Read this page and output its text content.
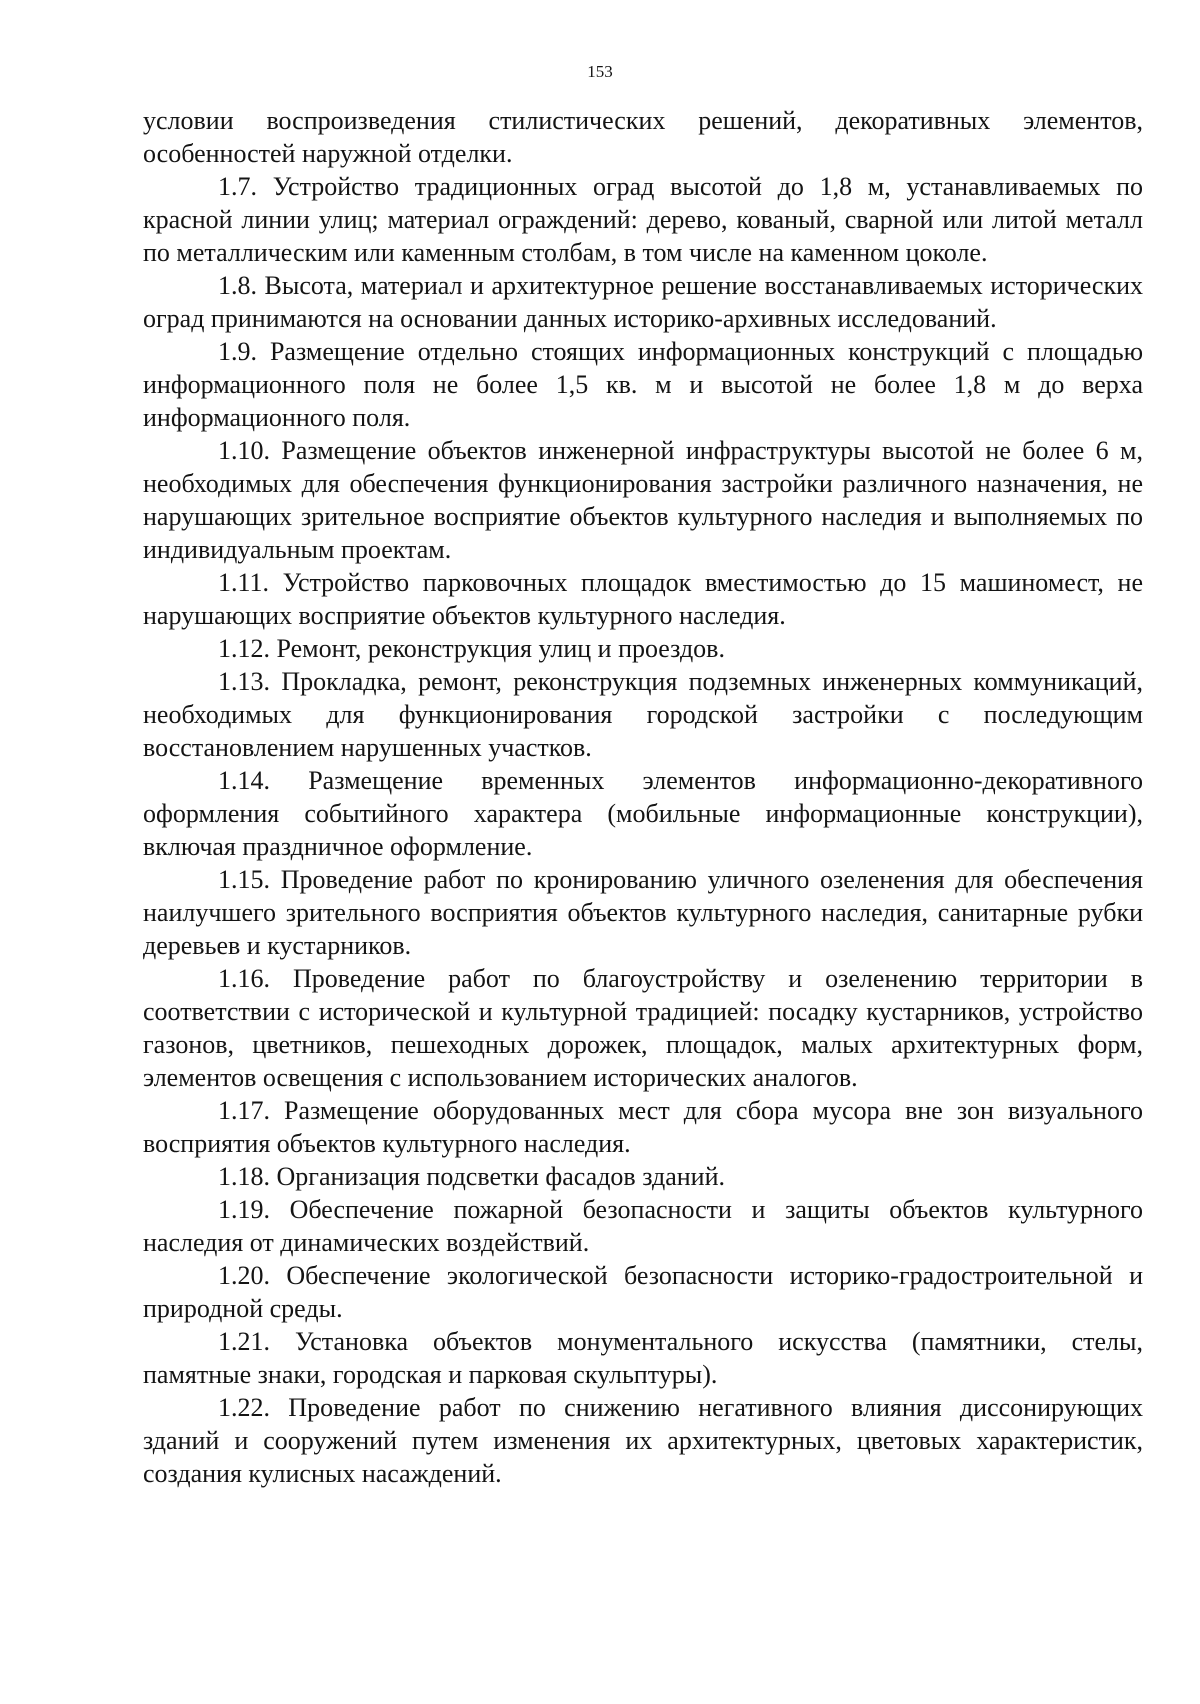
153

условии воспроизведения стилистических решений, декоративных элементов, особенностей наружной отделки.

1.7. Устройство традиционных оград высотой до 1,8 м, устанавливаемых по красной линии улиц; материал ограждений: дерево, кованый, сварной или литой металл по металлическим или каменным столбам, в том числе на каменном цоколе.

1.8. Высота, материал и архитектурное решение восстанавливаемых исторических оград принимаются на основании данных историко-архивных исследований.

1.9. Размещение отдельно стоящих информационных конструкций с площадью информационного поля не более 1,5 кв. м и высотой не более 1,8 м до верха информационного поля.

1.10. Размещение объектов инженерной инфраструктуры высотой не более 6 м, необходимых для обеспечения функционирования застройки различного назначения, не нарушающих зрительное восприятие объектов культурного наследия и выполняемых по индивидуальным проектам.

1.11. Устройство парковочных площадок вместимостью до 15 машиномест, не нарушающих восприятие объектов культурного наследия.

1.12. Ремонт, реконструкция улиц и проездов.

1.13. Прокладка, ремонт, реконструкция подземных инженерных коммуникаций, необходимых для функционирования городской застройки с последующим восстановлением нарушенных участков.

1.14. Размещение временных элементов информационно-декоративного оформления событийного характера (мобильные информационные конструкции), включая праздничное оформление.

1.15. Проведение работ по кронированию уличного озеленения для обеспечения наилучшего зрительного восприятия объектов культурного наследия, санитарные рубки деревьев и кустарников.

1.16. Проведение работ по благоустройству и озеленению территории в соответствии с исторической и культурной традицией: посадку кустарников, устройство газонов, цветников, пешеходных дорожек, площадок, малых архитектурных форм, элементов освещения с использованием исторических аналогов.

1.17. Размещение оборудованных мест для сбора мусора вне зон визуального восприятия объектов культурного наследия.

1.18. Организация подсветки фасадов зданий.

1.19. Обеспечение пожарной безопасности и защиты объектов культурного наследия от динамических воздействий.

1.20. Обеспечение экологической безопасности историко-градостроительной и природной среды.

1.21. Установка объектов монументального искусства (памятники, стелы, памятные знаки, городская и парковая скульптуры).

1.22. Проведение работ по снижению негативного влияния диссонирующих зданий и сооружений путем изменения их архитектурных, цветовых характеристик, создания кулисных насаждений.
